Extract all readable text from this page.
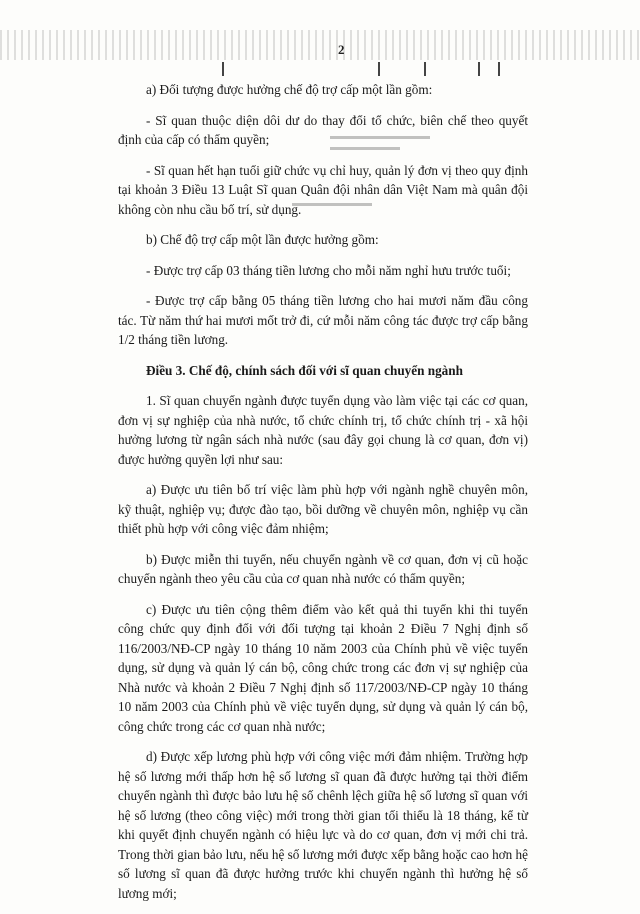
2

a) Đối tượng được hưởng chế độ trợ cấp một lần gồm:

- Sĩ quan thuộc diện dôi dư do thay đổi tổ chức, biên chế theo quyết định của cấp có thẩm quyền;

- Sĩ quan hết hạn tuổi giữ chức vụ chỉ huy, quản lý đơn vị theo quy định tại khoản 3 Điều 13 Luật Sĩ quan Quân đội nhân dân Việt Nam mà quân đội không còn nhu cầu bố trí, sử dụng.

b) Chế độ trợ cấp một lần được hưởng gồm:

- Được trợ cấp 03 tháng tiền lương cho mỗi năm nghỉ hưu trước tuổi;

- Được trợ cấp bằng 05 tháng tiền lương cho hai mươi năm đầu công tác. Từ năm thứ hai mươi mốt trở đi, cứ mỗi năm công tác được trợ cấp bằng 1/2 tháng tiền lương.

Điều 3. Chế độ, chính sách đối với sĩ quan chuyển ngành

1. Sĩ quan chuyển ngành được tuyển dụng vào làm việc tại các cơ quan, đơn vị sự nghiệp của nhà nước, tổ chức chính trị, tổ chức chính trị - xã hội hưởng lương từ ngân sách nhà nước (sau đây gọi chung là cơ quan, đơn vị) được hưởng quyền lợi như sau:

a) Được ưu tiên bố trí việc làm phù hợp với ngành nghề chuyên môn, kỹ thuật, nghiệp vụ; được đào tạo, bồi dưỡng về chuyên môn, nghiệp vụ cần thiết phù hợp với công việc đảm nhiệm;

b) Được miễn thi tuyển, nếu chuyển ngành về cơ quan, đơn vị cũ hoặc chuyển ngành theo yêu cầu của cơ quan nhà nước có thẩm quyền;

c) Được ưu tiên cộng thêm điểm vào kết quả thi tuyển khi thi tuyển công chức quy định đối với đối tượng tại khoản 2 Điều 7 Nghị định số 116/2003/NĐ-CP ngày 10 tháng 10 năm 2003 của Chính phủ về việc tuyển dụng, sử dụng và quản lý cán bộ, công chức trong các đơn vị sự nghiệp của Nhà nước và khoản 2 Điều 7 Nghị định số 117/2003/NĐ-CP ngày 10 tháng 10 năm 2003 của Chính phủ về việc tuyển dụng, sử dụng và quản lý cán bộ, công chức trong các cơ quan nhà nước;

d) Được xếp lương phù hợp với công việc mới đảm nhiệm. Trường hợp hệ số lương mới thấp hơn hệ số lương sĩ quan đã được hưởng tại thời điểm chuyển ngành thì được bảo lưu hệ số chênh lệch giữa hệ số lương sĩ quan với hệ số lương (theo công việc) mới trong thời gian tối thiểu là 18 tháng, kể từ khi quyết định chuyển ngành có hiệu lực và do cơ quan, đơn vị mới chi trả. Trong thời gian bảo lưu, nếu hệ số lương mới được xếp bằng hoặc cao hơn hệ số lương sĩ quan đã được hưởng trước khi chuyển ngành thì hưởng hệ số lương mới;
